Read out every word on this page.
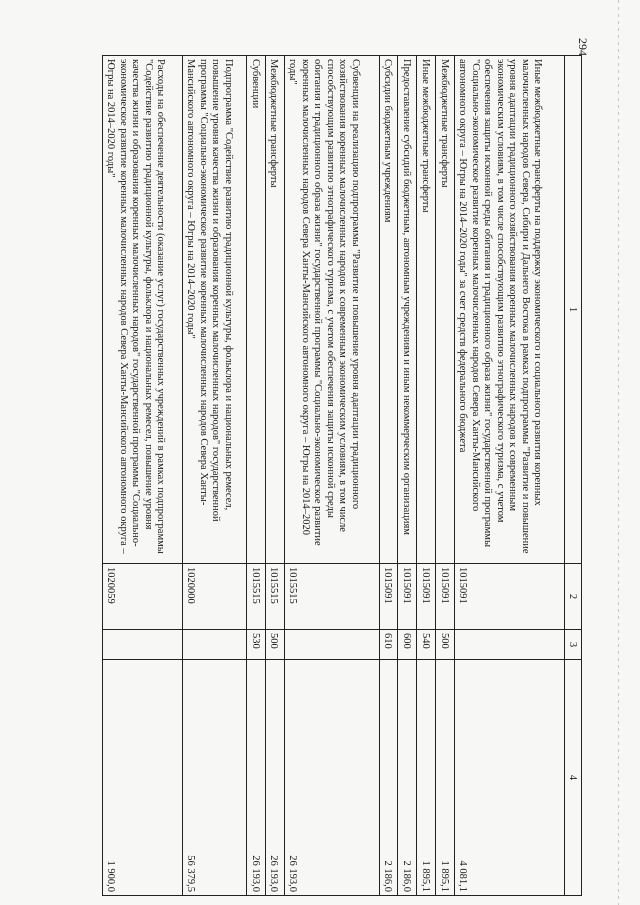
294
1	2	3	4
Иные межбюджетные трансферты на поддержку экономического и социального развития коренных малочисленных народов Севера, Сибири и Дальнего Востока в рамках подпрограммы "Развитие и повышение уровня адаптации традиционного хозяйствования коренных малочисленных народов к современным экономическим условиям, в том числе способствующим развитию этнографического туризма, с учетом обеспечения защиты исконной среды обитания и традиционного образа жизни" государственной программы "Социально-экономическое развитие коренных малочисленных народов Севера Ханты-Мансийского автономного округа – Югры на 2014–2020 годы" за счет средств федерального бюджета	1015091		4 081,1
Межбюджетные трансферты	1015091	500	1 895,1
Иные межбюджетные трансферты	1015091	540	1 895,1
Предоставление субсидий бюджетным, автономным учреждениям и иным некоммерческим организациям	1015091	600	2 186,0
Субсидии бюджетным учреждениям	1015091	610	2 186,0
Субвенции на реализацию подпрограммы "Развитие и повышение уровня адаптации традиционного хозяйствования коренных малочисленных народов к современным экономическим условиям, в том числе способствующим развитию этнографического туризма, с учетом обеспечения защиты исконной среды обитания и традиционного образа жизни" государственной программы "Социально-экономическое развитие коренных малочисленных народов Севера Ханты-Мансийского автономного округа – Югры на 2014–2020 годы"	1015515		26 193,0
Межбюджетные трансферты	1015515	500	26 193,0
Субвенции	1015515	530	26 193,0
Подпрограмма "Содействие развитию традиционной культуры, фольклора и национальных ремесел, повышение уровня качества жизни и образования коренных малочисленных народов" государственной программы "Социально-экономическое развитие коренных малочисленных народов Севера Ханты-Мансийского автономного округа – Югры на 2014–2020 годы"	1020000		56 379,5
Расходы на обеспечение деятельности (оказание услуг) государственных учреждений в рамках подпрограммы "Содействие развитию традиционной культуры, фольклора и национальных ремесел, повышение уровня качества жизни и образования коренных малочисленных народов" государственной программы "Социально-экономическое развитие коренных малочисленных народов Севера Ханты-Мансийского автономного округа – Югры на 2014–2020 годы"	1020059		1 900,0
